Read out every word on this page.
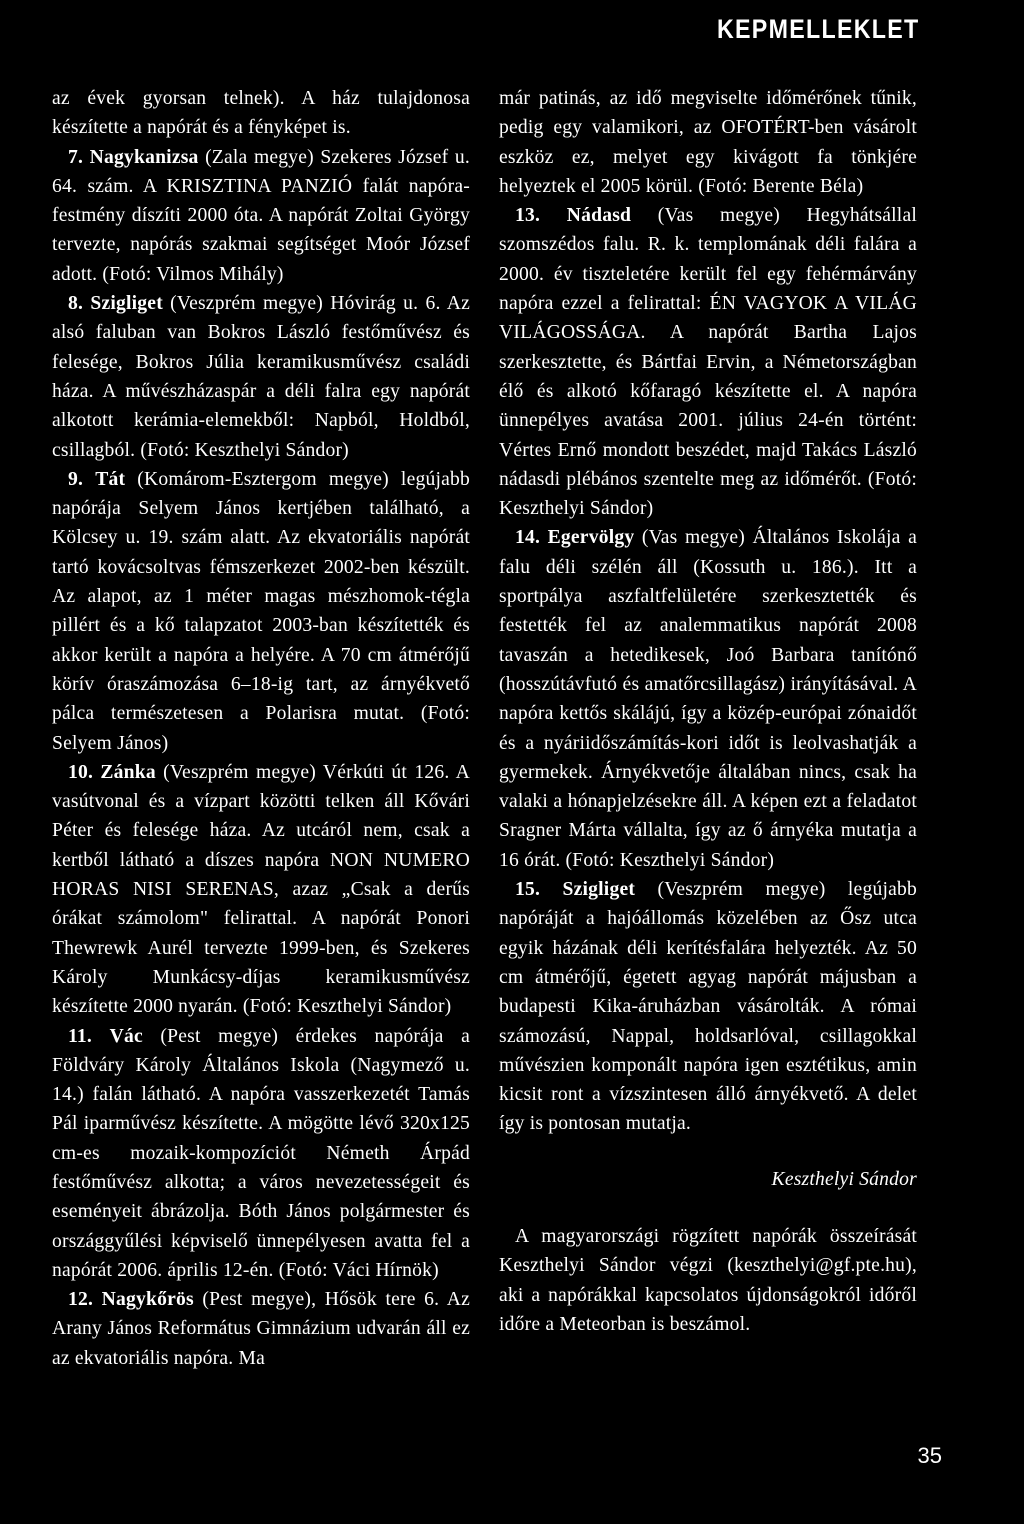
KEPMELLEKLET

az évek gyorsan telnek). A ház tulajdonosa készítette a napórát és a fényképet is.

7. Nagykanizsa (Zala megye) Szekeres József u. 64. szám. A KRISZTINA PANZIÓ falát napóra-festmény díszíti 2000 óta. A napórát Zoltai György tervezte, napórás szakmai segítséget Moór József adott. (Fotó: Vilmos Mihály)

8. Szigliget (Veszprém megye) Hóvirág u. 6. Az alsó faluban van Bokros László festőművész és felesége, Bokros Júlia keramikusművész családi háza. A művészházaspár a déli falra egy napórát alkotott kerámia-elemekből: Napból, Holdból, csillagból. (Fotó: Keszthelyi Sándor)

9. Tát (Komárom-Esztergom megye) legújabb napórája Selyem János kertjében található, a Kölcsey u. 19. szám alatt. Az ekvatoriális napórát tartó kovácsoltvas fémszerkezet 2002-ben készült. Az alapot, az 1 méter magas mészhomok-tégla pillért és a kő talapzatot 2003-ban készítették és akkor került a napóra a helyére. A 70 cm átmérőjű körív óraszámozása 6–18-ig tart, az árnyékvető pálca természetesen a Polarisra mutat. (Fotó: Selyem János)

10. Zánka (Veszprém megye) Vérkúti út 126. A vasútvonal és a vízpart közötti telken áll Kővári Péter és felesége háza. Az utcáról nem, csak a kertből látható a díszes napóra NON NUMERO HORAS NISI SERENAS, azaz „Csak a derűs órákat számolom" felirattal. A napórát Ponori Thewrewk Aurél tervezte 1999-ben, és Szekeres Károly Munkácsy-díjas keramikusművész készítette 2000 nyarán. (Fotó: Keszthelyi Sándor)

11. Vác (Pest megye) érdekes napórája a Földváry Károly Általános Iskola (Nagymező u. 14.) falán látható. A napóra vasszerkezetét Tamás Pál iparművész készítette. A mögötte lévő 320x125 cm-es mozaik-kompozíciót Németh Árpád festőművész alkotta; a város nevezetességeit és eseményeit ábrázolja. Bóth János polgármester és országgyűlési képviselő ünnepélyesen avatta fel a napórát 2006. április 12-én. (Fotó: Váci Hírnök)

12. Nagykőrös (Pest megye), Hősök tere 6. Az Arany János Református Gimnázium udvarán áll ez az ekvatoriális napóra. Ma

már patinás, az idő megviselte időmérőnek tűnik, pedig egy valamikori, az OFOTÉRT-ben vásárolt eszköz ez, melyet egy kivágott fa tönkjére helyeztek el 2005 körül. (Fotó: Berente Béla)

13. Nádasd (Vas megye) Hegyhátsállal szomszédos falu. R. k. templomának déli falára a 2000. év tiszteletére került fel egy fehérmárvány napóra ezzel a felirattal: ÉN VAGYOK A VILÁG VILÁGOSSÁGA. A napórát Bartha Lajos szerkesztette, és Bártfai Ervin, a Németországban élő és alkotó kőfaragó készítette el. A napóra ünnepélyes avatása 2001. július 24-én történt: Vértes Ernő mondott beszédet, majd Takács László nádasdi plébános szentelte meg az időmérőt. (Fotó: Keszthelyi Sándor)

14. Egervölgy (Vas megye) Általános Iskolája a falu déli szélén áll (Kossuth u. 186.). Itt a sportpálya aszfaltfelületére szerkesztették és festették fel az analemmatikus napórát 2008 tavaszán a hetedikesek, Joó Barbara tanítónő (hosszútávfutó és amatőrcsillagász) irányításával. A napóra kettős skálájú, így a közép-európai zónaidőt és a nyáriidőszámítás-kori időt is leolvashatják a gyermekek. Árnyékvetője általában nincs, csak ha valaki a hónapjelzésekre áll. A képen ezt a feladatot Sragner Márta vállalta, így az ő árnyéka mutatja a 16 órát. (Fotó: Keszthelyi Sándor)

15. Szigliget (Veszprém megye) legújabb napóráját a hajóállomás közelében az Ősz utca egyik házának déli kerítésfalára helyezték. Az 50 cm átmérőjű, égetett agyag napórát májusban a budapesti Kika-áruházban vásárolták. A római számozású, Nappal, holdsarlóval, csillagokkal művészien komponált napóra igen esztétikus, amin kicsit ront a vízszintesen álló árnyékvető. A delet így is pontosan mutatja.

Keszthelyi Sándor

A magyarországi rögzített napórák összeírását Keszthelyi Sándor végzi (keszthelyi@gf.pte.hu), aki a napórákkal kapcsolatos újdonságokról időről időre a Meteorban is beszámol.

35
